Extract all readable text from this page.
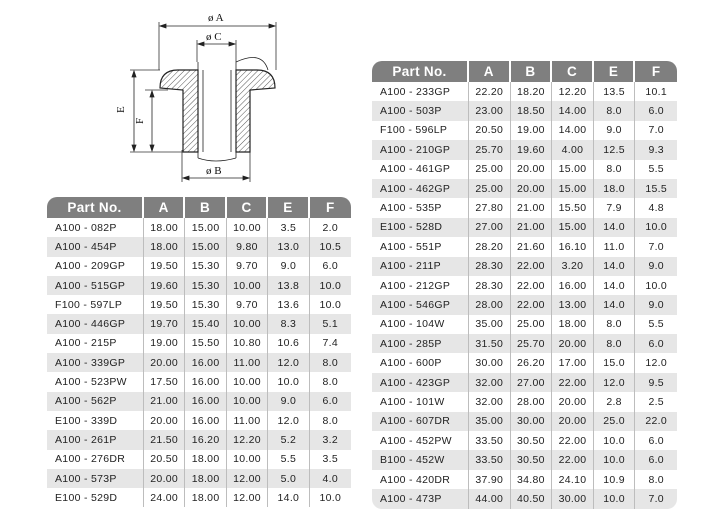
ø A
ø C
ø B
E
F
Part No.	A	B	C	E	F
A100 - 082P	18.00	15.00	10.00	3.5	2.0
A100 - 454P	18.00	15.00	9.80	13.0	10.5
A100 - 209GP	19.50	15.30	9.70	9.0	6.0
A100 - 515GP	19.60	15.30	10.00	13.8	10.0
F100 - 597LP	19.50	15.30	9.70	13.6	10.0
A100 - 446GP	19.70	15.40	10.00	8.3	5.1
A100 - 215P	19.00	15.50	10.80	10.6	7.4
A100 - 339GP	20.00	16.00	11.00	12.0	8.0
A100 - 523PW	17.50	16.00	10.00	10.0	8.0
A100 - 562P	21.00	16.00	10.00	9.0	6.0
E100 - 339D	20.00	16.00	11.00	12.0	8.0
A100 - 261P	21.50	16.20	12.20	5.2	3.2
A100 - 276DR	20.50	18.00	10.00	5.5	3.5
A100 - 573P	20.00	18.00	12.00	5.0	4.0
E100 - 529D	24.00	18.00	12.00	14.0	10.0
Part No.	A	B	C	E	F
A100 - 233GP	22.20	18.20	12.20	13.5	10.1
A100 - 503P	23.00	18.50	14.00	8.0	6.0
F100 - 596LP	20.50	19.00	14.00	9.0	7.0
A100 - 210GP	25.70	19.60	4.00	12.5	9.3
A100 - 461GP	25.00	20.00	15.00	8.0	5.5
A100 - 462GP	25.00	20.00	15.00	18.0	15.5
A100 - 535P	27.80	21.00	15.50	7.9	4.8
E100 - 528D	27.00	21.00	15.00	14.0	10.0
A100 - 551P	28.20	21.60	16.10	11.0	7.0
A100 - 211P	28.30	22.00	3.20	14.0	9.0
A100 - 212GP	28.30	22.00	16.00	14.0	10.0
A100 - 546GP	28.00	22.00	13.00	14.0	9.0
A100 - 104W	35.00	25.00	18.00	8.0	5.5
A100 - 285P	31.50	25.70	20.00	8.0	6.0
A100 - 600P	30.00	26.20	17.00	15.0	12.0
A100 - 423GP	32.00	27.00	22.00	12.0	9.5
A100 - 101W	32.00	28.00	20.00	2.8	2.5
A100 - 607DR	35.00	30.00	20.00	25.0	22.0
A100 - 452PW	33.50	30.50	22.00	10.0	6.0
B100 - 452W	33.50	30.50	22.00	10.0	6.0
A100 - 420DR	37.90	34.80	24.10	10.9	8.0
A100 - 473P	44.00	40.50	30.00	10.0	7.0
